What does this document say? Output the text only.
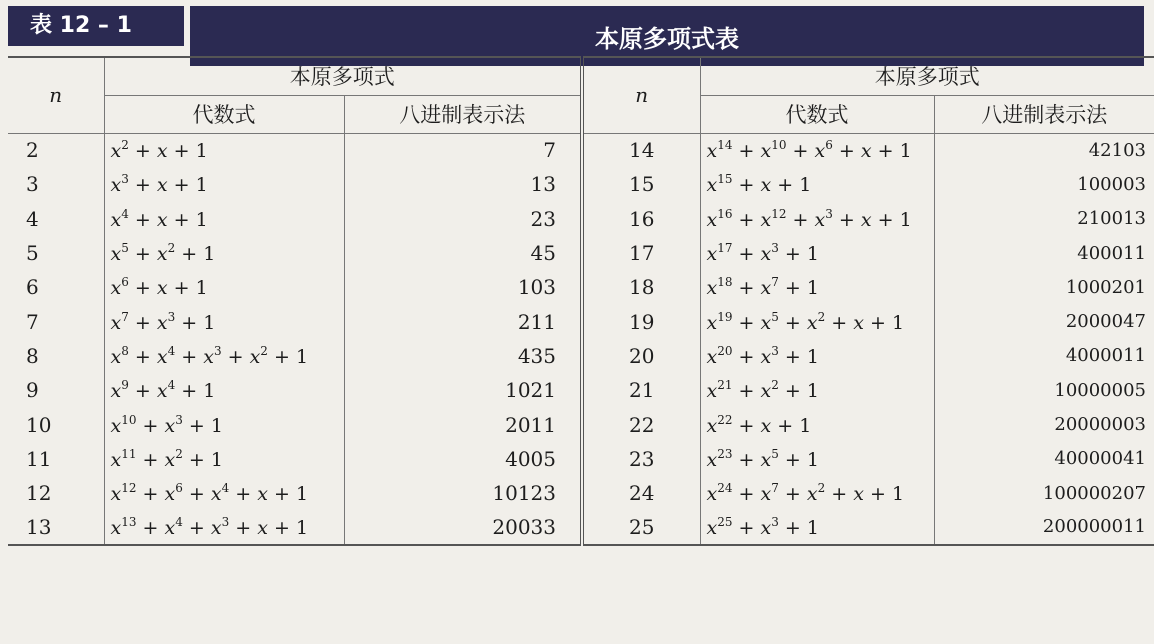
表 12 – 1	本原多项式表
n	本原多项式		n	本原多项式	
	代数式	八进制表示法		代数式	八进制表示法
2	$x^2 + x + 1$	7	14	$x^{14} + x^{10} + x^6 + x + 1$	42103
3	$x^3 + x + 1$	13	15	$x^{15} + x + 1$	100003
4	$x^4 + x + 1$	23	16	$x^{16} + x^{12} + x^3 + x + 1$	210013
5	$x^5 + x^2 + 1$	45	17	$x^{17} + x^3 + 1$	400011
6	$x^6 + x + 1$	103	18	$x^{18} + x^7 + 1$	1000201
7	$x^7 + x^3 + 1$	211	19	$x^{19} + x^5 + x^2 + x + 1$	2000047
8	$x^8 + x^4 + x^3 + x^2 + 1$	435	20	$x^{20} + x^3 + 1$	4000011
9	$x^9 + x^4 + 1$	1021	21	$x^{21} + x^2 + 1$	10000005
10	$x^{10} + x^3 + 1$	2011	22	$x^{22} + x + 1$	20000003
11	$x^{11} + x^2 + 1$	4005	23	$x^{23} + x^5 + 1$	40000041
12	$x^{12} + x^6 + x^4 + x + 1$	10123	24	$x^{24} + x^7 + x^2 + x + 1$	100000207
13	$x^{13} + x^4 + x^3 + x + 1$	20033	25	$x^{25} + x^3 + 1$	200000011
